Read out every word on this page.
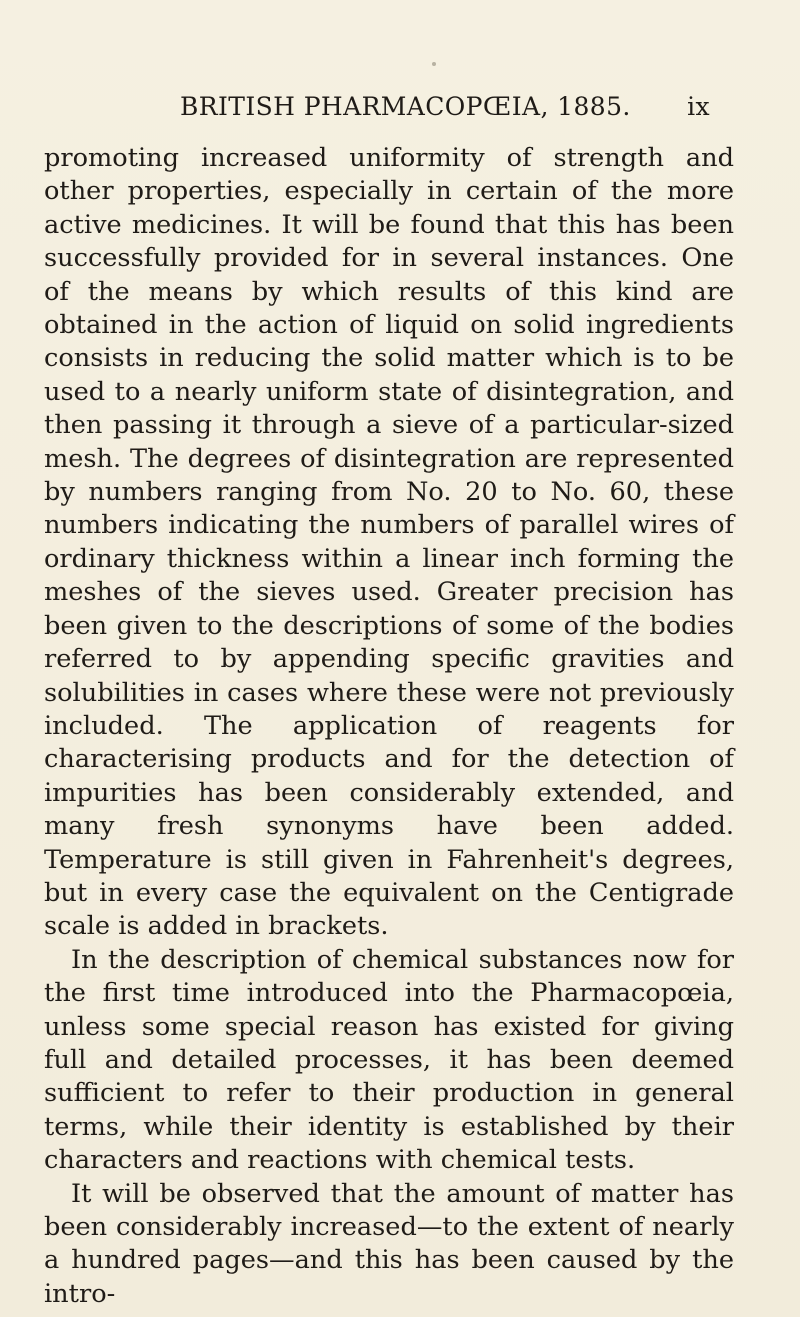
BRITISH PHARMACOPŒIA, 1885. ix

promoting increased uniformity of strength and other properties, especially in certain of the more active medicines. It will be found that this has been successfully provided for in several instances. One of the means by which results of this kind are obtained in the action of liquid on solid ingredients consists in reducing the solid matter which is to be used to a nearly uniform state of disintegration, and then passing it through a sieve of a particular-sized mesh. The degrees of disintegration are represented by numbers ranging from No. 20 to No. 60, these numbers indicating the numbers of parallel wires of ordinary thickness within a linear inch forming the meshes of the sieves used. Greater precision has been given to the descriptions of some of the bodies referred to by appending specific gravities and solubilities in cases where these were not previously included. The application of reagents for characterising products and for the detection of impurities has been considerably extended, and many fresh synonyms have been added. Temperature is still given in Fahrenheit's degrees, but in every case the equivalent on the Centigrade scale is added in brackets.

In the description of chemical substances now for the first time introduced into the Pharmacopœia, unless some special reason has existed for giving full and detailed processes, it has been deemed sufficient to refer to their production in general terms, while their identity is established by their characters and reactions with chemical tests.

It will be observed that the amount of matter has been considerably increased—to the extent of nearly a hundred pages—and this has been caused by the intro-
